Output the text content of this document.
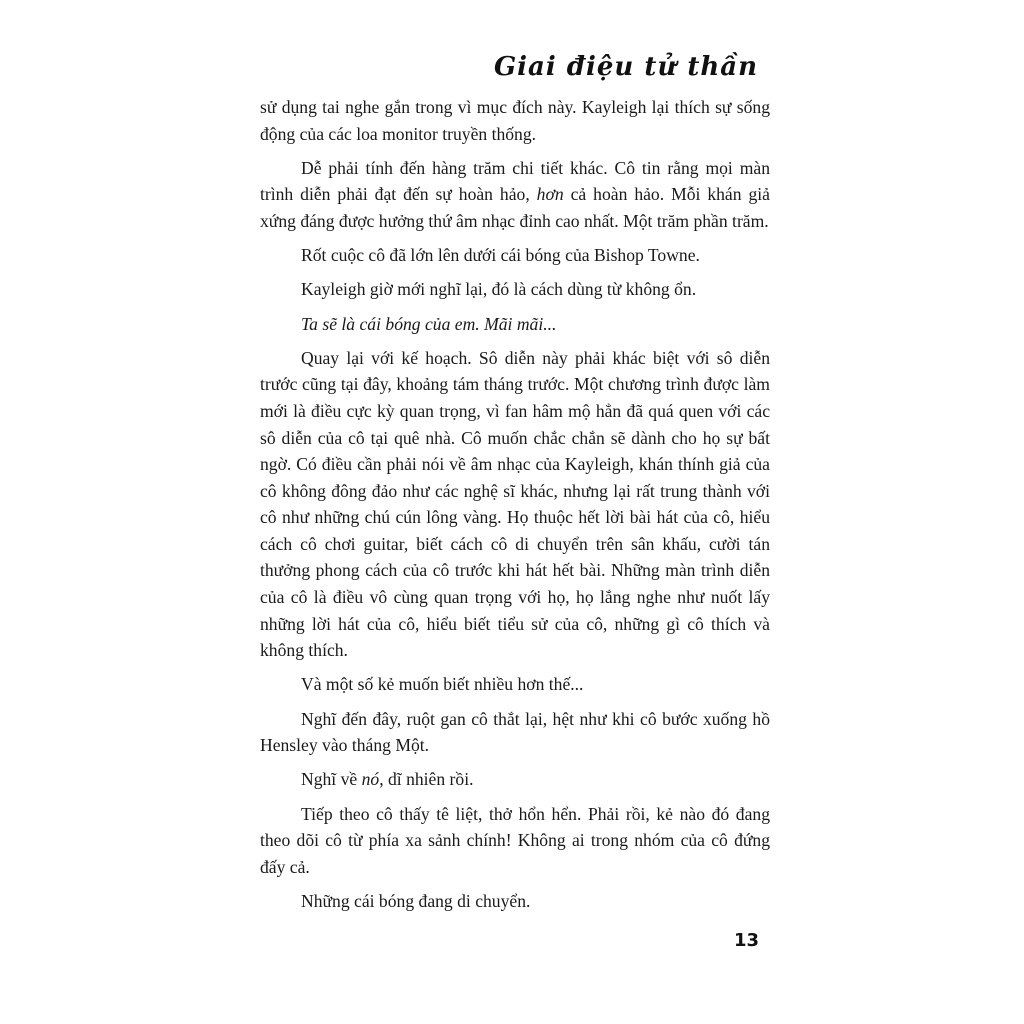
Giai điệu tử thần

sử dụng tai nghe gắn trong vì mục đích này. Kayleigh lại thích sự sống động của các loa monitor truyền thống.

Dễ phải tính đến hàng trăm chi tiết khác. Cô tin rằng mọi màn trình diễn phải đạt đến sự hoàn hảo, hơn cả hoàn hảo. Mỗi khán giả xứng đáng được hưởng thứ âm nhạc đỉnh cao nhất. Một trăm phần trăm.

Rốt cuộc cô đã lớn lên dưới cái bóng của Bishop Towne.

Kayleigh giờ mới nghĩ lại, đó là cách dùng từ không ổn.

Ta sẽ là cái bóng của em. Mãi mãi...

Quay lại với kế hoạch. Sô diễn này phải khác biệt với sô diễn trước cũng tại đây, khoảng tám tháng trước. Một chương trình được làm mới là điều cực kỳ quan trọng, vì fan hâm mộ hẳn đã quá quen với các sô diễn của cô tại quê nhà. Cô muốn chắc chắn sẽ dành cho họ sự bất ngờ. Có điều cần phải nói về âm nhạc của Kayleigh, khán thính giả của cô không đông đảo như các nghệ sĩ khác, nhưng lại rất trung thành với cô như những chú cún lông vàng. Họ thuộc hết lời bài hát của cô, hiểu cách cô chơi guitar, biết cách cô di chuyển trên sân khấu, cười tán thưởng phong cách của cô trước khi hát hết bài. Những màn trình diễn của cô là điều vô cùng quan trọng với họ, họ lắng nghe như nuốt lấy những lời hát của cô, hiểu biết tiểu sử của cô, những gì cô thích và không thích.

Và một số kẻ muốn biết nhiều hơn thế...

Nghĩ đến đây, ruột gan cô thắt lại, hệt như khi cô bước xuống hồ Hensley vào tháng Một.

Nghĩ về nó, dĩ nhiên rồi.

Tiếp theo cô thấy tê liệt, thở hổn hển. Phải rồi, kẻ nào đó đang theo dõi cô từ phía xa sảnh chính! Không ai trong nhóm của cô đứng đấy cả.

Những cái bóng đang di chuyển.

13
